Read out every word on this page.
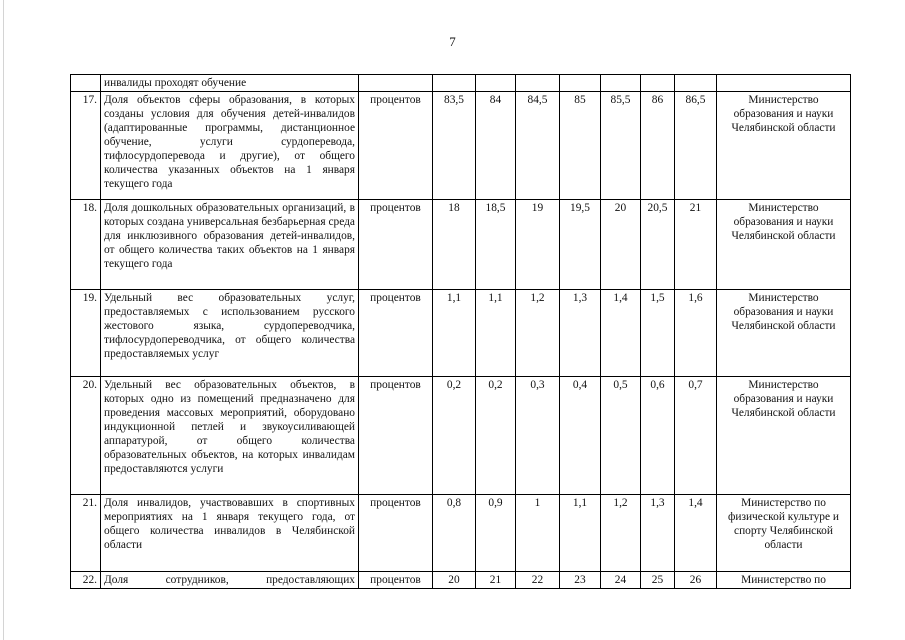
7
	инвалиды проходят обучение									
17.	Доля объектов сферы образования, в которых созданы условия для обучения детей-инвалидов (адаптированные программы, дистанционное обучение, услуги сурдоперевода, тифлосурдоперевода и другие), от общего количества указанных объектов на 1 января текущего года	процентов	83,5	84	84,5	85	85,5	86	86,5	Министерство образования и науки Челябинской области
18.	Доля дошкольных образовательных организаций, в которых создана универсальная безбарьерная среда для инклюзивного образования детей-инвалидов, от общего количества таких объектов на 1 января текущего года	процентов	18	18,5	19	19,5	20	20,5	21	Министерство образования и науки Челябинской области
19.	Удельный вес образовательных услуг, предоставляемых с использованием русского жестового языка, сурдопереводчика, тифлосурдопереводчика, от общего количества предоставляемых услуг	процентов	1,1	1,1	1,2	1,3	1,4	1,5	1,6	Министерство образования и науки Челябинской области
20.	Удельный вес образовательных объектов, в которых одно из помещений предназначено для проведения массовых мероприятий, оборудовано индукционной петлей и звукоусиливающей аппаратурой, от общего количества образовательных объектов, на которых инвалидам предоставляются услуги	процентов	0,2	0,2	0,3	0,4	0,5	0,6	0,7	Министерство образования и науки Челябинской области
21.	Доля инвалидов, участвовавших в спортивных мероприятиях на 1 января текущего года, от общего количества инвалидов в Челябинской области	процентов	0,8	0,9	1	1,1	1,2	1,3	1,4	Министерство по физической культуре и спорту Челябинской области
22.	Доля сотрудников, предоставляющих	процентов	20	21	22	23	24	25	26	Министерство по
